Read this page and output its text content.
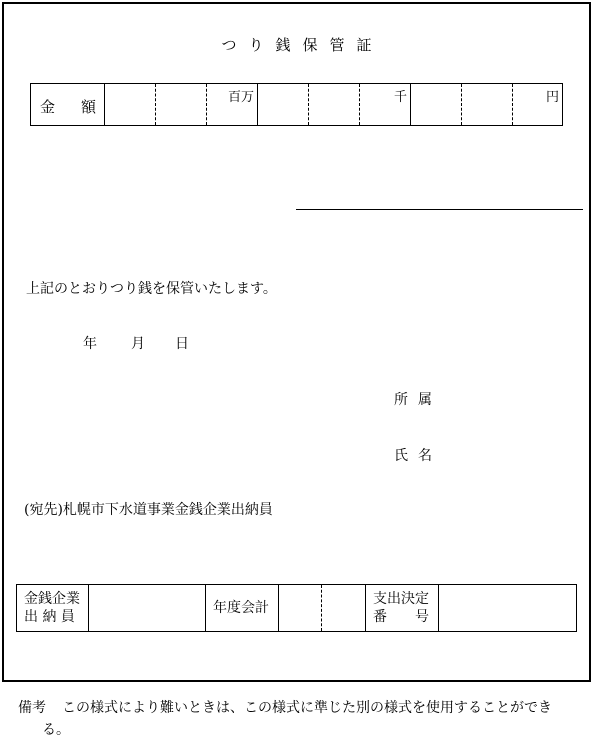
つり銭保管証
金 額
百万	千	円
上記のとおりつり銭を保管いたします。
年 月 日
所属
氏名
(宛先)札幌市下水道事業金銭企業出納員
金銭企業
出 納 員
年度会計
支出決定
番　　号
備考 この様式により難いときは、この様式に準じた別の様式を使用することができ
る。
